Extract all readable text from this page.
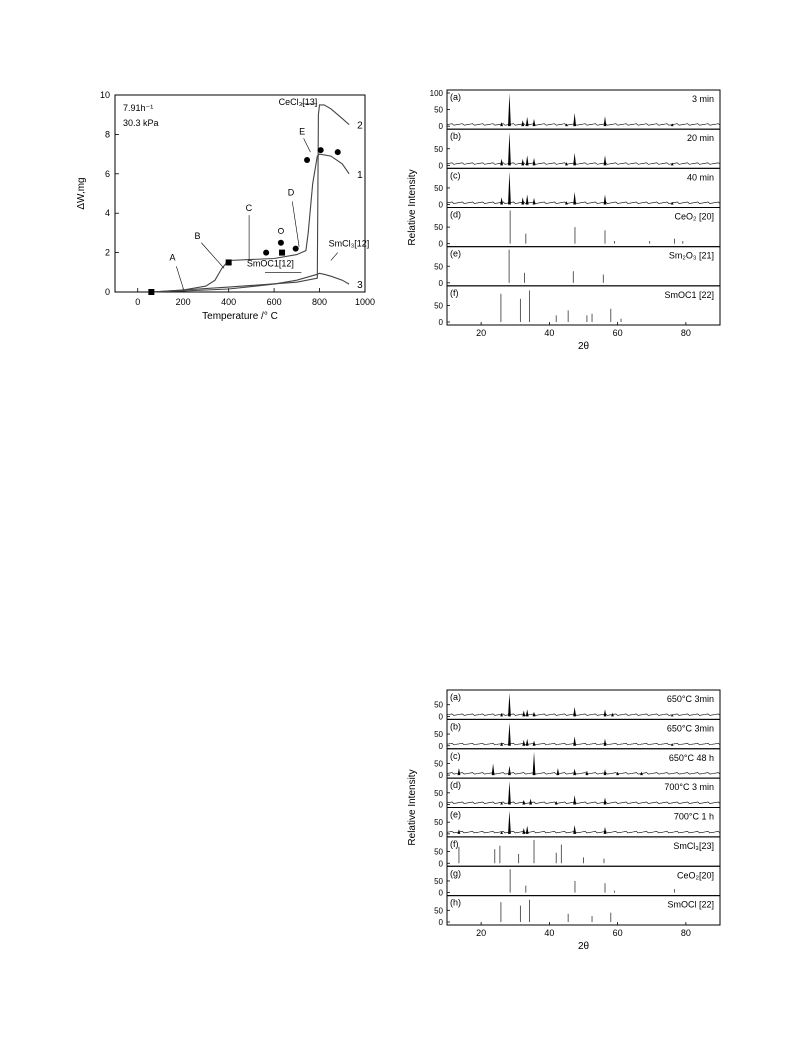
0	200	400	600	800	1000
0
2
4
6
8
10
Temperature /° C
ΔW,mg
7.91h⁻¹
30.3 kPa
1
2
3
CeCl₃[13]
SmCl₃[12]
SmOC1[12]
A
B
C
D
E	0
50
100 (a)	3 min
0
50
(b)	20 min
0
50
(c)	40 min
0
50
(d)	CeO₂ [20]
0
50
(e)	Sm₂O₃ [21]
0
50
(f)	SmOC1 [22]
20	40	60	80
2θ
Relative Intensity
0
50
(a)	650°C 3min
0
50
(b)	650°C 3min
0
50
(c)	650°C 48 h
0
50
(d)	700°C 3 min
0
50
(e)	700°C 1 h
0
50
(f)	SmCl₃[23]
0
50
(g)	CeO₂[20]
0
50
(h)	SmOCl [22]
20	40	60	80
2θ
Relative Intensity
